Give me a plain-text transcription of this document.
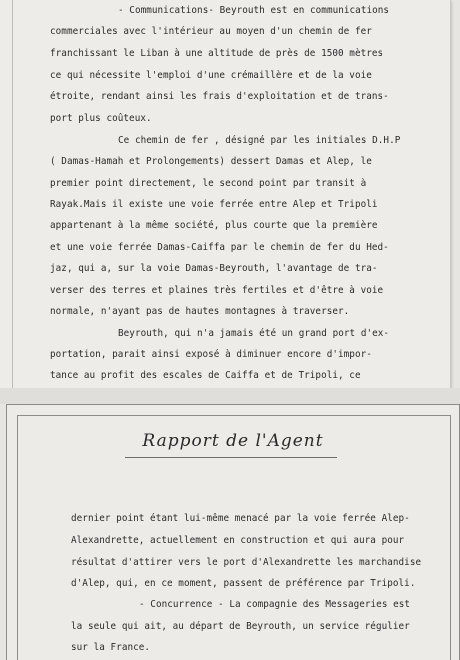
- Communications- Beyrouth est en communications
commerciales avec l'intérieur au moyen d'un chemin de fer
franchissant le Liban à une altitude de près de 1500 mètres
ce qui nécessite l'emploi d'une crémaillère et de la voie
étroite, rendant ainsi les frais d'exploitation et de trans-
port plus coûteux.
Ce chemin de fer , désigné par les initiales D.H.P
( Damas-Hamah et Prolongements) dessert Damas et Alep, le
premier point directement, le second point par transit à
Rayak.Mais il existe une voie ferrée entre Alep et Tripoli
appartenant à la même société, plus courte que la première
et une voie ferrée Damas-Caiffa par le chemin de fer du Hed-
jaz, qui a, sur la voie Damas-Beyrouth, l'avantage de tra-
verser des terres et plaines très fertiles et d'être à voie
normale, n'ayant pas de hautes montagnes à traverser.
Beyrouth, qui n'a jamais été un grand port d'ex-
portation, parait ainsi exposé à diminuer encore d'impor-
tance au profit des escales de Caiffa et de Tripoli, ce
Rapport de l'Agent
dernier point étant lui-même menacé par la voie ferrée Alep-
Alexandrette, actuellement en construction et qui aura pour
résultat d'attirer vers le port d'Alexandrette les marchandise
d'Alep, qui, en ce moment, passent de préférence par Tripoli.
- Concurrence - La compagnie des Messageries est
la seule qui ait, au départ de Beyrouth, un service régulier
sur la France.
